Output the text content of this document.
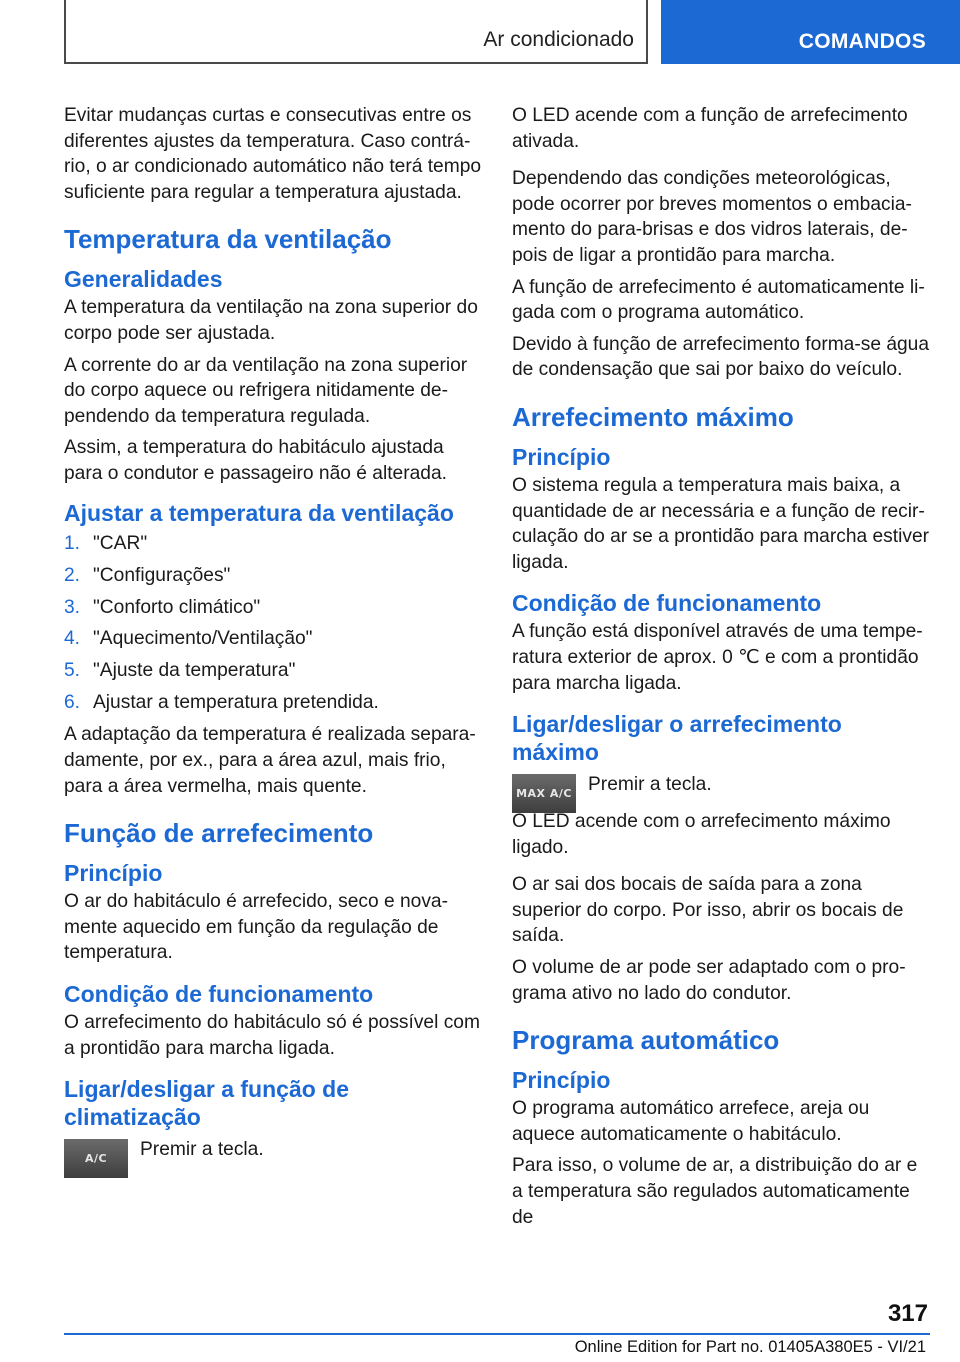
Ar condicionado	COMANDOS

Evitar mudanças curtas e consecutivas entre os diferentes ajustes da temperatura. Caso contrário, o ar condicionado automático não terá tempo suficiente para regular a temperatura ajustada.

Temperatura da ventilação
Generalidades

A temperatura da ventilação na zona superior do corpo pode ser ajustada.

A corrente do ar da ventilação na zona superior do corpo aquece ou refrigera nitidamente dependendo da temperatura regulada.

Assim, a temperatura do habitáculo ajustada para o condutor e passageiro não é alterada.

Ajustar a temperatura da ventilação
1. "CAR"
2. "Configurações"
3. "Conforto climático"
4. "Aquecimento/Ventilação"
5. "Ajuste da temperatura"
6. Ajustar a temperatura pretendida.

A adaptação da temperatura é realizada separadamente, por ex., para a área azul, mais frio, para a área vermelha, mais quente.

Função de arrefecimento
Princípio

O ar do habitáculo é arrefecido, seco e novamente aquecido em função da regulação de temperatura.

Condição de funcionamento

O arrefecimento do habitáculo só é possível com a prontidão para marcha ligada.

Ligar/desligar a função de climatização
A/C	Premir a tecla.

O LED acende com a função de arrefecimento ativada.

Dependendo das condições meteorológicas, pode ocorrer por breves momentos o embaciamento do para-brisas e dos vidros laterais, depois de ligar a prontidão para marcha.

A função de arrefecimento é automaticamente ligada com o programa automático.

Devido à função de arrefecimento forma-se água de condensação que sai por baixo do veículo.

Arrefecimento máximo
Princípio

O sistema regula a temperatura mais baixa, a quantidade de ar necessária e a função de recirculação do ar se a prontidão para marcha estiver ligada.

Condição de funcionamento

A função está disponível através de uma temperatura exterior de aprox. 0 ℃ e com a prontidão para marcha ligada.

Ligar/desligar o arrefecimento máximo
MAX A/C Premir a tecla.

O LED acende com o arrefecimento máximo ligado.

O ar sai dos bocais de saída para a zona superior do corpo. Por isso, abrir os bocais de saída.

O volume de ar pode ser adaptado com o programa ativo no lado do condutor.

Programa automático
Princípio

O programa automático arrefece, areja ou aquece automaticamente o habitáculo.

Para isso, o volume de ar, a distribuição do ar e a temperatura são regulados automaticamente de

317
Online Edition for Part no. 01405A380E5 - VI/21
